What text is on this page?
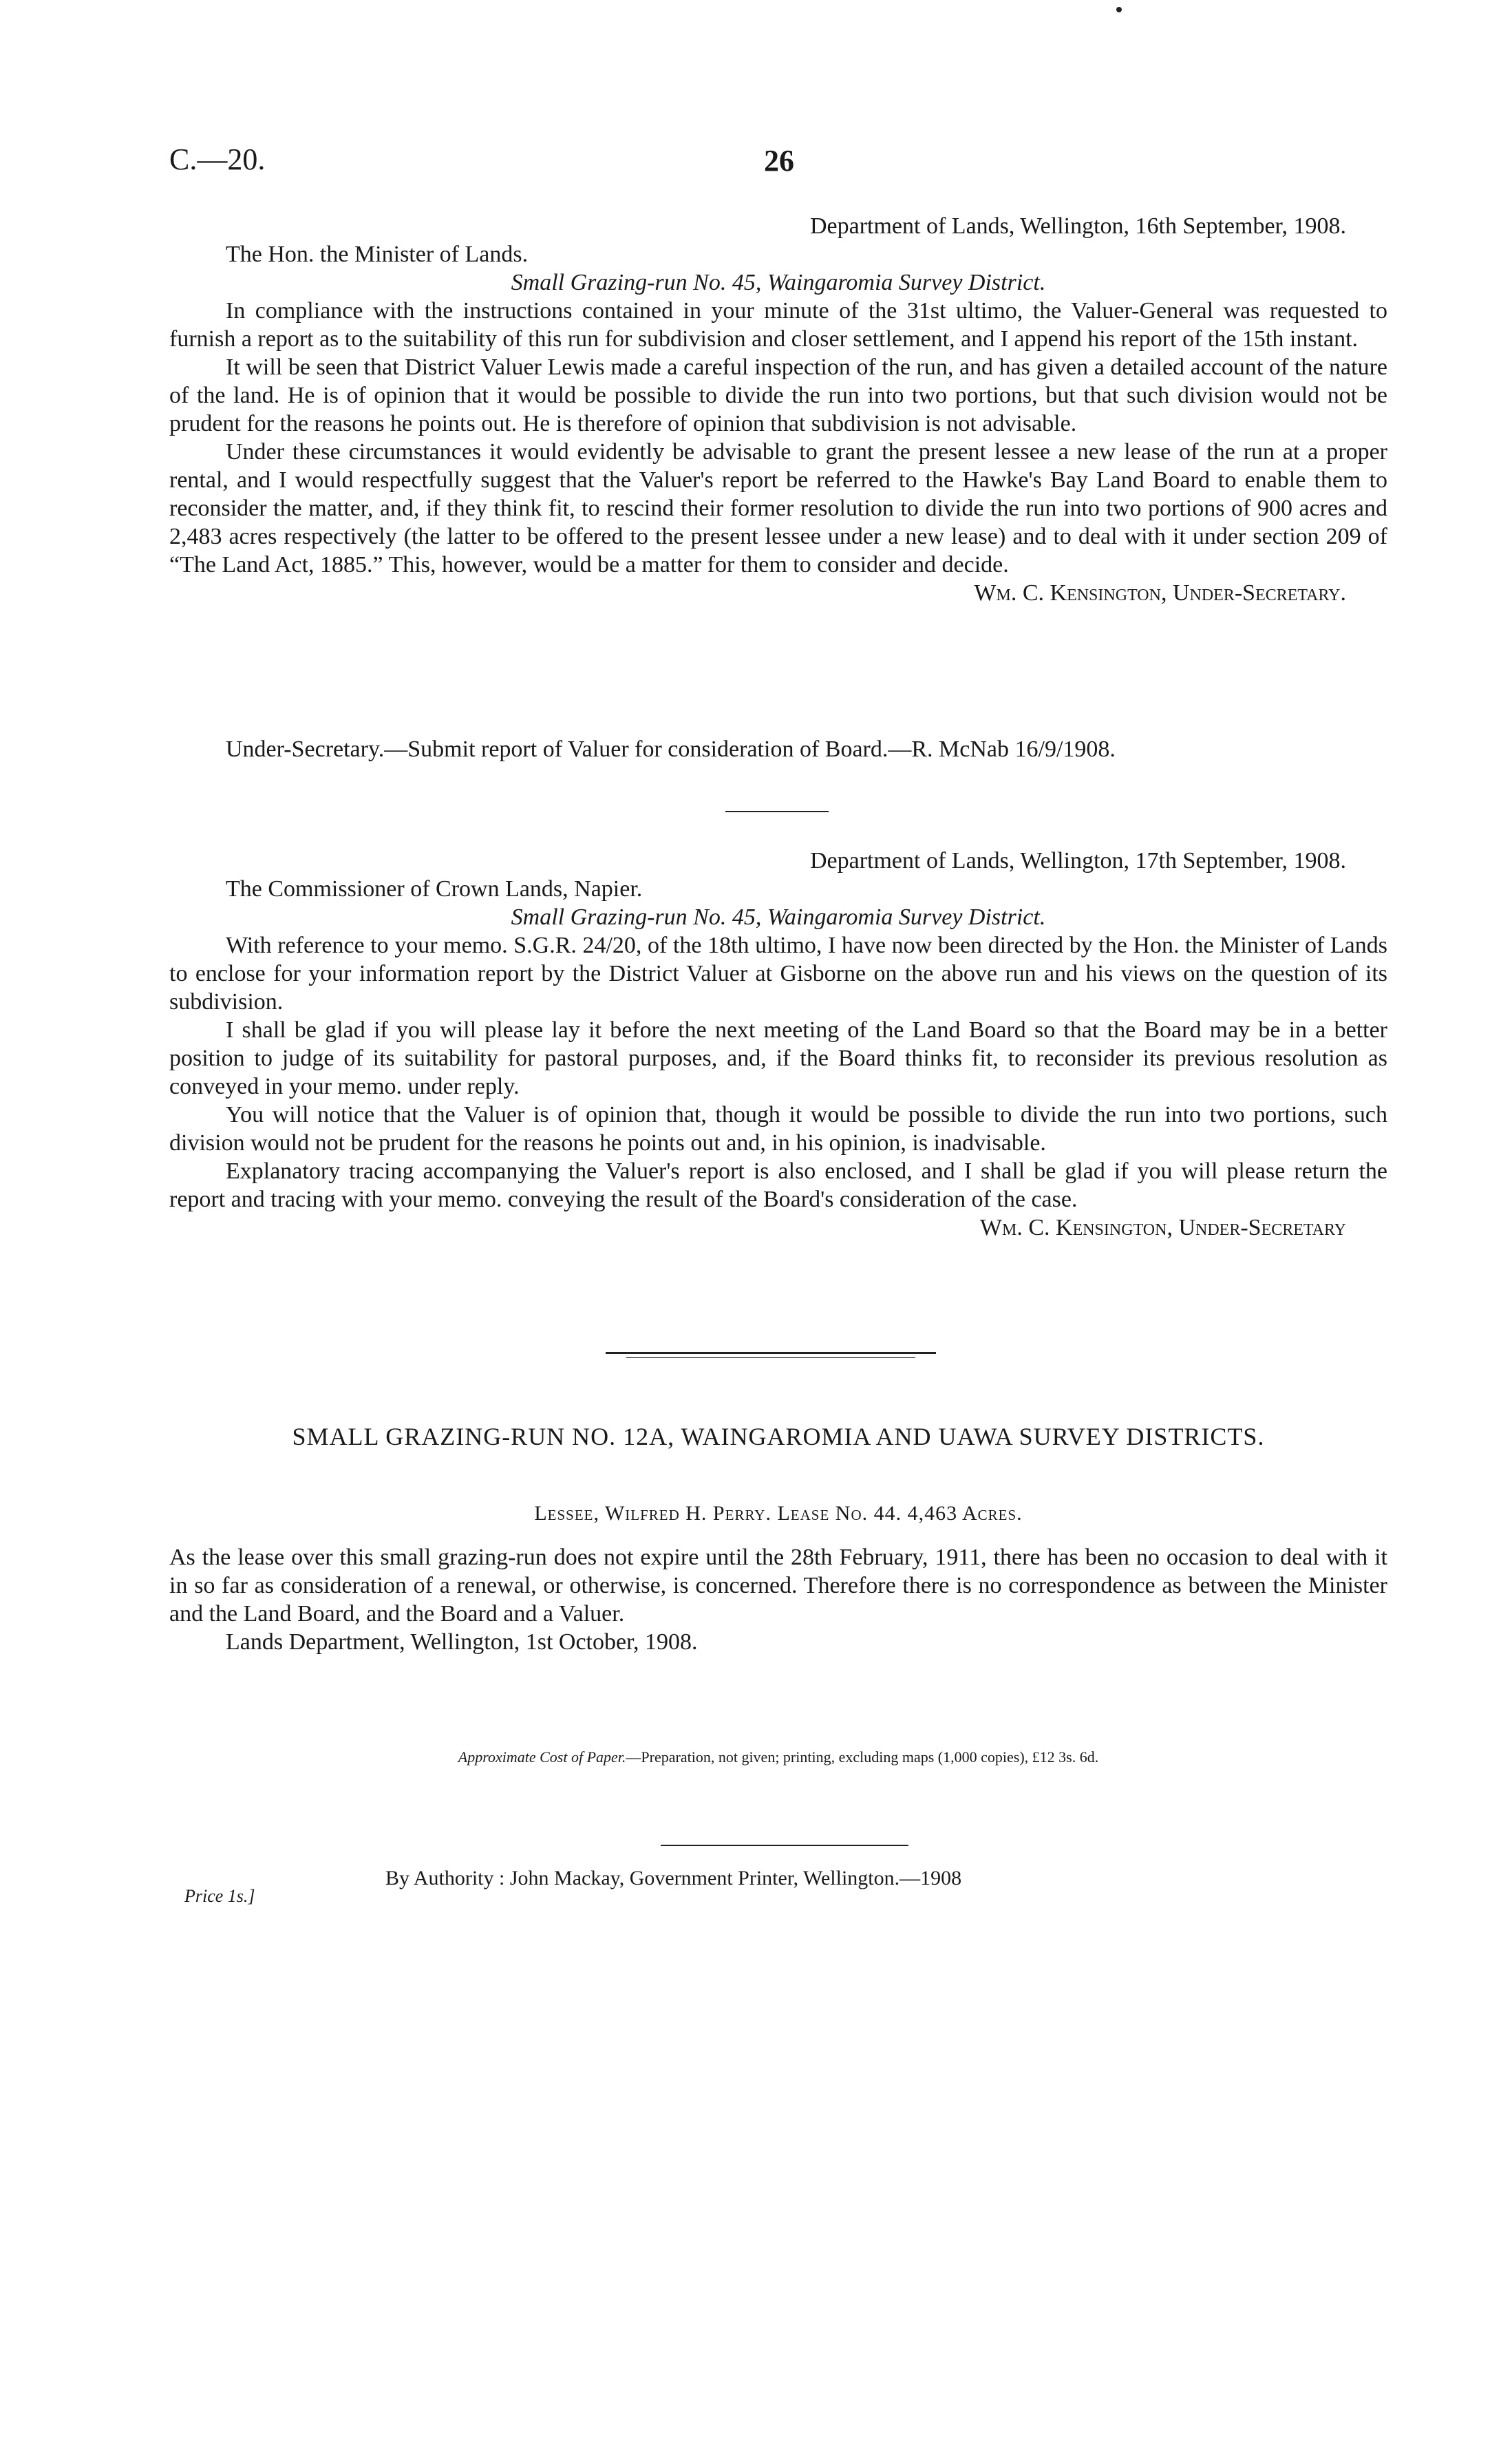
C.—20.	26
Department of Lands, Wellington, 16th September, 1908.
The Hon. the Minister of Lands.
Small Grazing-run No. 45, Waingaromia Survey District.

In compliance with the instructions contained in your minute of the 31st ultimo, the Valuer-General was requested to furnish a report as to the suitability of this run for subdivision and closer settlement, and I append his report of the 15th instant.

It will be seen that District Valuer Lewis made a careful inspection of the run, and has given a detailed account of the nature of the land. He is of opinion that it would be possible to divide the run into two portions, but that such division would not be prudent for the reasons he points out. He is therefore of opinion that subdivision is not advisable.

Under these circumstances it would evidently be advisable to grant the present lessee a new lease of the run at a proper rental, and I would respectfully suggest that the Valuer's report be referred to the Hawke's Bay Land Board to enable them to reconsider the matter, and, if they think fit, to rescind their former resolution to divide the run into two portions of 900 acres and 2,483 acres respectively (the latter to be offered to the present lessee under a new lease) and to deal with it under section 209 of “The Land Act, 1885.” This, however, would be a matter for them to consider and decide.

Wm. C. Kensington, Under-Secretary.
Under-Secretary.—Submit report of Valuer for consideration of Board.—R. McNab 16/9/1908.
Department of Lands, Wellington, 17th September, 1908.
The Commissioner of Crown Lands, Napier.
Small Grazing-run No. 45, Waingaromia Survey District.

With reference to your memo. S.G.R. 24/20, of the 18th ultimo, I have now been directed by the Hon. the Minister of Lands to enclose for your information report by the District Valuer at Gisborne on the above run and his views on the question of its subdivision.

I shall be glad if you will please lay it before the next meeting of the Land Board so that the Board may be in a better position to judge of its suitability for pastoral purposes, and, if the Board thinks fit, to reconsider its previous resolution as conveyed in your memo. under reply.

You will notice that the Valuer is of opinion that, though it would be possible to divide the run into two portions, such division would not be prudent for the reasons he points out and, in his opinion, is inadvisable.

Explanatory tracing accompanying the Valuer's report is also enclosed, and I shall be glad if you will please return the report and tracing with your memo. conveying the result of the Board's consideration of the case.

Wm. C. Kensington, Under-Secretary
SMALL GRAZING-RUN NO. 12A, WAINGAROMIA AND UAWA SURVEY DISTRICTS.
Lessee, Wilfred H. Perry. Lease No. 44. 4,463 Acres.

As the lease over this small grazing-run does not expire until the 28th February, 1911, there has been no occasion to deal with it in so far as consideration of a renewal, or otherwise, is concerned. Therefore there is no correspondence as between the Minister and the Land Board, and the Board and a Valuer.

Lands Department, Wellington, 1st October, 1908.
Approximate Cost of Paper.—Preparation, not given; printing, excluding maps (1,000 copies), £12 3s. 6d.
By Authority : John Mackay, Government Printer, Wellington.—1908
Price 1s.]
